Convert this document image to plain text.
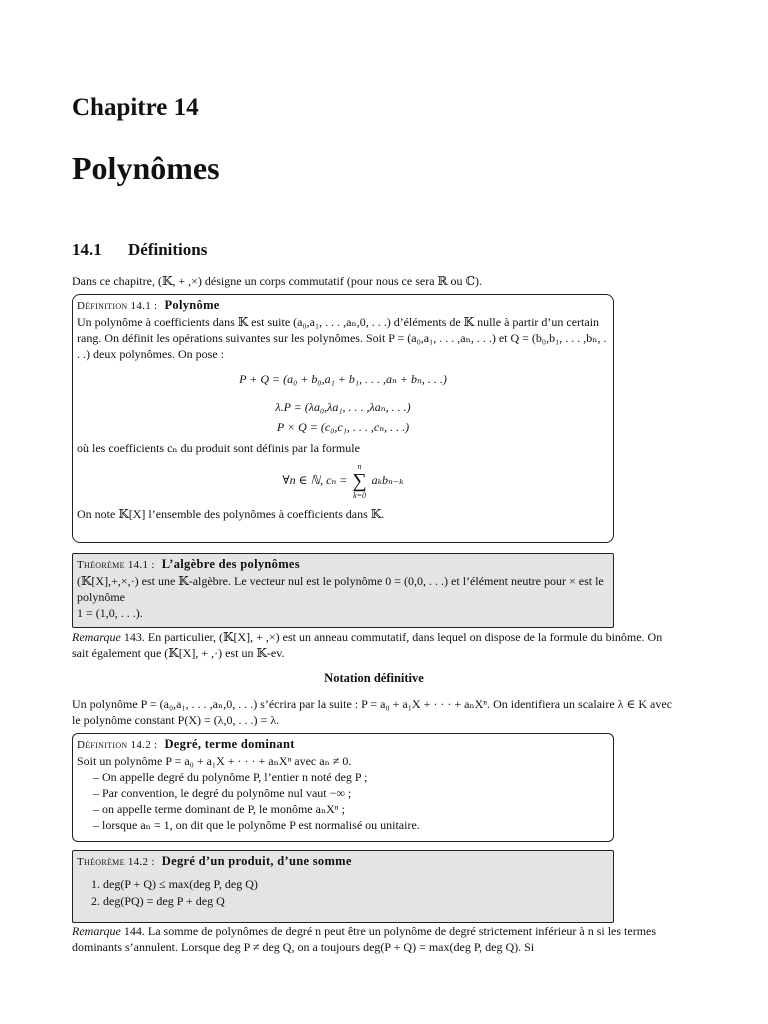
Chapitre 14
Polynômes
14.1 Définitions

Dans ce chapitre, (𝕂, + ,×) désigne un corps commutatif (pour nous ce sera ℝ ou ℂ).

Définition 14.1 : Polynôme

Un polynôme à coefficients dans 𝕂 est suite (a₀,a₁, . . . ,aₙ,0, . . .) d’éléments de 𝕂 nulle à partir d’un certain rang. On définit les opérations suivantes sur les polynômes. Soit P = (a₀,a₁, . . . ,aₙ, . . .) et Q = (b₀,b₁, . . . ,bₙ, . . .) deux polynômes. On pose :

P + Q = (a₀ + b₀,a₁ + b₁, . . . ,aₙ + bₙ, . . .)

λ.P = (λa₀,λa₁, . . . ,λaₙ, . . .)

P × Q = (c₀,c₁, . . . ,cₙ, . . .)

où les coefficients cₙ du produit sont définis par la formule

∀n ∈ ℕ, cₙ =
n
∑
k=0
aₖbₙ₋ₖ

On note 𝕂[X] l’ensemble des polynômes à coefficients dans 𝕂.

Théorème 14.1 : L’algèbre des polynômes

(𝕂[X],+,×,·) est une 𝕂-algèbre. Le vecteur nul est le polynôme 0 = (0,0, . . .) et l’élément neutre pour × est le polynôme

1 = (1,0, . . .).

Remarque 143. En particulier, (𝕂[X], + ,×) est un anneau commutatif, dans lequel on dispose de la formule du binôme. On sait également que (𝕂[X], + ,·) est un 𝕂-ev.

Notation définitive

Un polynôme P = (a₀,a₁, . . . ,aₙ,0, . . .) s’écrira par la suite : P = a₀ + a₁X + · · · + aₙXⁿ. On identifiera un scalaire λ ∈ K avec le polynôme constant P(X) = (λ,0, . . .) = λ.

Définition 14.2 : Degré, terme dominant

Soit un polynôme P = a₀ + a₁X + · · · + aₙXⁿ avec aₙ ≠ 0.

– On appelle degré du polynôme P, l’entier n noté deg P ;
– Par convention, le degré du polynôme nul vaut −∞ ;
– on appelle terme dominant de P, le monôme aₙXⁿ ;
– lorsque aₙ = 1, on dit que le polynôme P est normalisé ou unitaire.
Théorème 14.2 : Degré d’un produit, d’une somme
1. deg(P + Q) ≤ max(deg P, deg Q)
2. deg(PQ) = deg P + deg Q

Remarque 144. La somme de polynômes de degré n peut être un polynôme de degré strictement inférieur à n si les termes dominants s’annulent. Lorsque deg P ≠ deg Q, on a toujours deg(P + Q) = max(deg P, deg Q). Si
